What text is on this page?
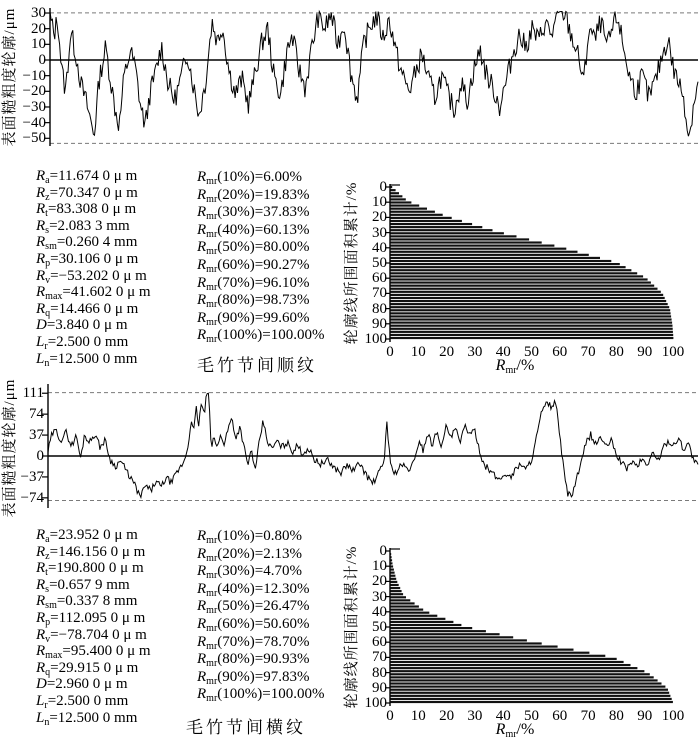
表面糙粗度轮廓/μm 30
20
10
0
−10
−20
−30
−40
−50
$R_a=11.674$ 0 μ m
$R_z=70.347$ 0 μ m
$R_t=83.308$ 0 μ m
$R_s=2.083$ 3 mm
$R_{sm}=0.260$ 4 mm
$R_p=30.106$ 0 μ m
$R_v=-53.202$ 0 μ m
$R_{max}=41.602$ 0 μ m
$R_q=14.466$ 0 μ m
D=3.840 0 μ m
$L_r=2.500$ 0 mm
$L_n=12.500$ 0 mm
$R_{mr}(10\%)=6.00\%$
$R_{mr}(20\%)=19.83\%$
$R_{mr}(30\%)=37.83\%$
$R_{mr}(40\%)=60.13\%$
$R_{mr}(50\%)=80.00\%$
$R_{mr}(60\%)=90.27\%$
$R_{mr}(70\%)=96.10\%$
$R_{mr}(80\%)=98.73\%$
$R_{mr}(90\%)=99.60\%$
$R_{mr}(100\%)=100.00\%$
毛竹节间顺纹
轮廓线所围面积累计/%	0
10
20
30
40
50
60
70
80
90
100
0	10 20 30 40 50 60 70 80 90 100
$R_{mr}/\%$
表面糙粗度轮廓/μm 111
74
37
0
−37
−74
$R_a=23.952$ 0 μ m
$R_z=146.156$ 0 μ m
$R_t=190.800$ 0 μ m
$R_s=0.657$ 9 mm
$R_{sm}=0.337$ 8 mm
$R_p=112.095$ 0 μ m
$R_v=-78.704$ 0 μ m
$R_{max}=95.400$ 0 μ m
$R_q=29.915$ 0 μ m
D=2.960 0 μ m
$L_r=2.500$ 0 mm
$L_n=12.500$ 0 mm
$R_{mr}(10\%)=0.80\%$
$R_{mr}(20\%)=2.13\%$
$R_{mr}(30\%)=4.70\%$
$R_{mr}(40\%)=12.30\%$
$R_{mr}(50\%)=26.47\%$
$R_{mr}(60\%)=50.60\%$
$R_{mr}(70\%)=78.70\%$
$R_{mr}(80\%)=90.93\%$
$R_{mr}(90\%)=97.83\%$
$R_{mr}(100\%)=100.00\%$
毛竹节间横纹
轮廓线所围面积累计/%	0
10
20
30
40
50
60
70
80
90
100
0	10 20 30 40 50 60 70 80 90 100
$R_{mr}/\%$
